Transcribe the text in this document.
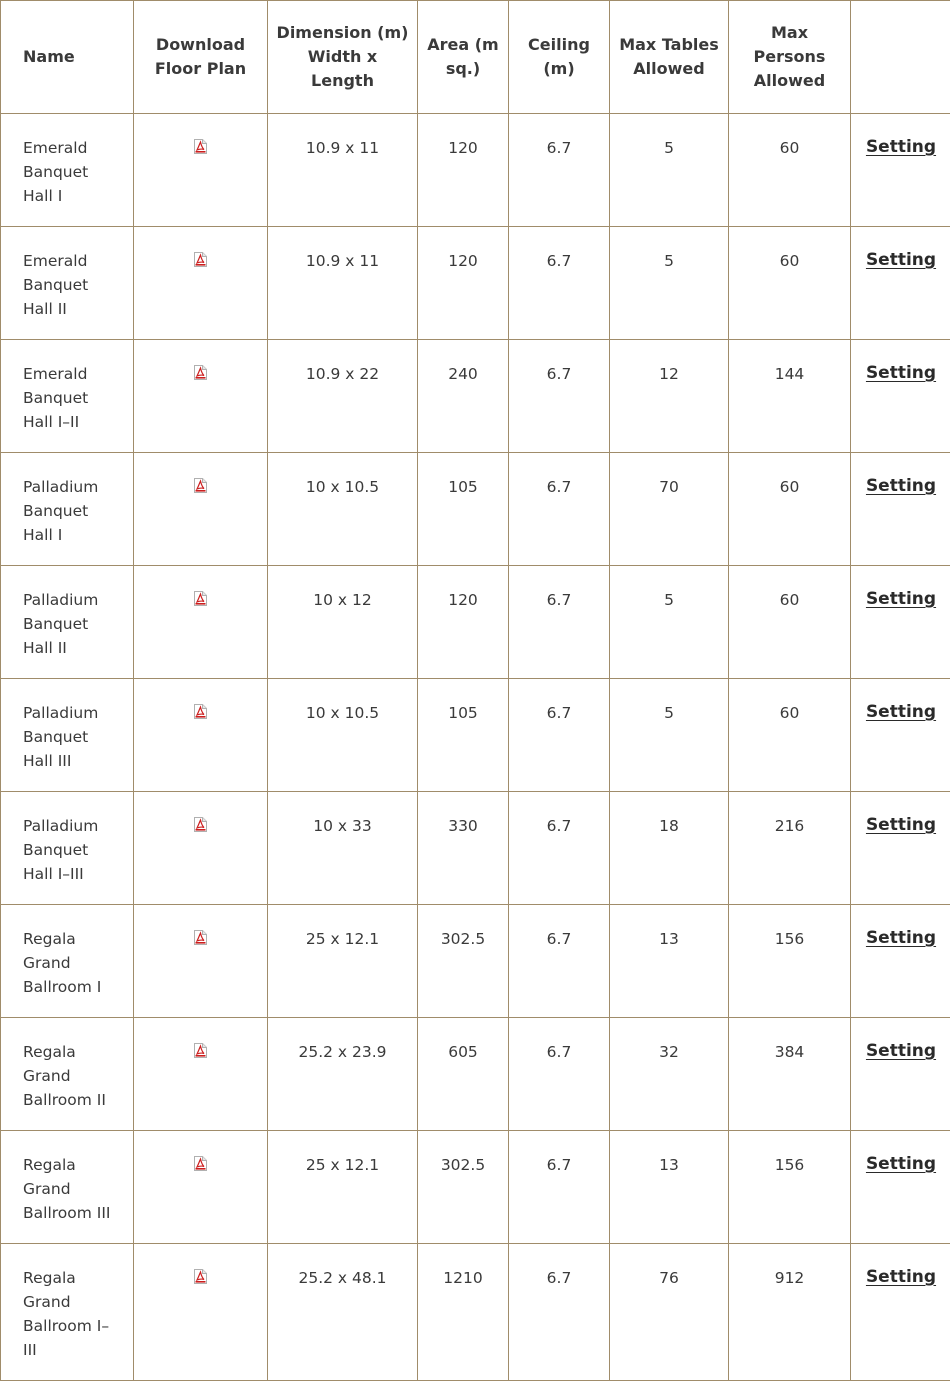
Name	Download Floor Plan	Dimension (m) Width x Length	Area (m sq.)	Ceiling (m)	Max Tables Allowed	Max Persons Allowed	
Emerald Banquet Hall I		10.9 x 11	120	6.7	5	60	Setting
Emerald Banquet Hall II		10.9 x 11	120	6.7	5	60	Setting
Emerald Banquet Hall I–II		10.9 x 22	240	6.7	12	144	Setting
Palladium Banquet Hall I		10 x 10.5	105	6.7	70	60	Setting
Palladium Banquet Hall II		10 x 12	120	6.7	5	60	Setting
Palladium Banquet Hall III		10 x 10.5	105	6.7	5	60	Setting
Palladium Banquet Hall I–III		10 x 33	330	6.7	18	216	Setting
Regala Grand Ballroom I		25 x 12.1	302.5	6.7	13	156	Setting
Regala Grand Ballroom II		25.2 x 23.9	605	6.7	32	384	Setting
Regala Grand Ballroom III		25 x 12.1	302.5	6.7	13	156	Setting
Regala Grand Ballroom I–III		25.2 x 48.1	1210	6.7	76	912	Setting
